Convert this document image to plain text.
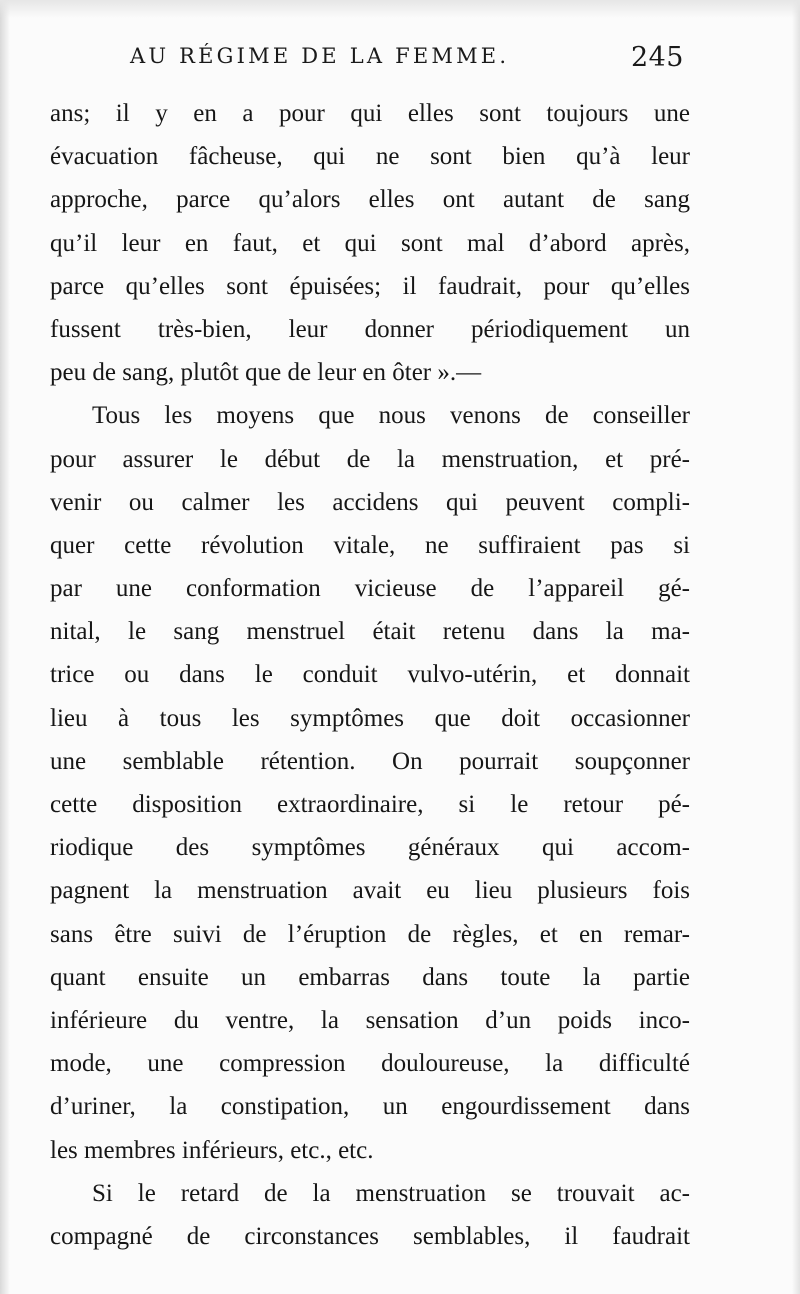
AU RÉGIME DE LA FEMME.	245
ans; il y en a pour qui elles sont toujours une
évacuation fâcheuse, qui ne sont bien qu’à leur
approche, parce qu’alors elles ont autant de sang
qu’il leur en faut, et qui sont mal d’abord après,
parce qu’elles sont épuisées; il faudrait, pour qu’elles
fussent très-bien, leur donner périodiquement un
peu de sang, plutôt que de leur en ôter ».—
Tous les moyens que nous venons de conseiller
pour assurer le début de la menstruation, et pré-
venir ou calmer les accidens qui peuvent compli-
quer cette révolution vitale, ne suffiraient pas si
par une conformation vicieuse de l’appareil gé-
nital, le sang menstruel était retenu dans la ma-
trice ou dans le conduit vulvo-utérin, et donnait
lieu à tous les symptômes que doit occasionner
une semblable rétention. On pourrait soupçonner
cette disposition extraordinaire, si le retour pé-
riodique des symptômes généraux qui accom-
pagnent la menstruation avait eu lieu plusieurs fois
sans être suivi de l’éruption de règles, et en remar-
quant ensuite un embarras dans toute la partie
inférieure du ventre, la sensation d’un poids inco-
mode, une compression douloureuse, la difficulté
d’uriner, la constipation, un engourdissement dans
les membres inférieurs, etc., etc.
Si le retard de la menstruation se trouvait ac-
compagné de circonstances semblables, il faudrait
